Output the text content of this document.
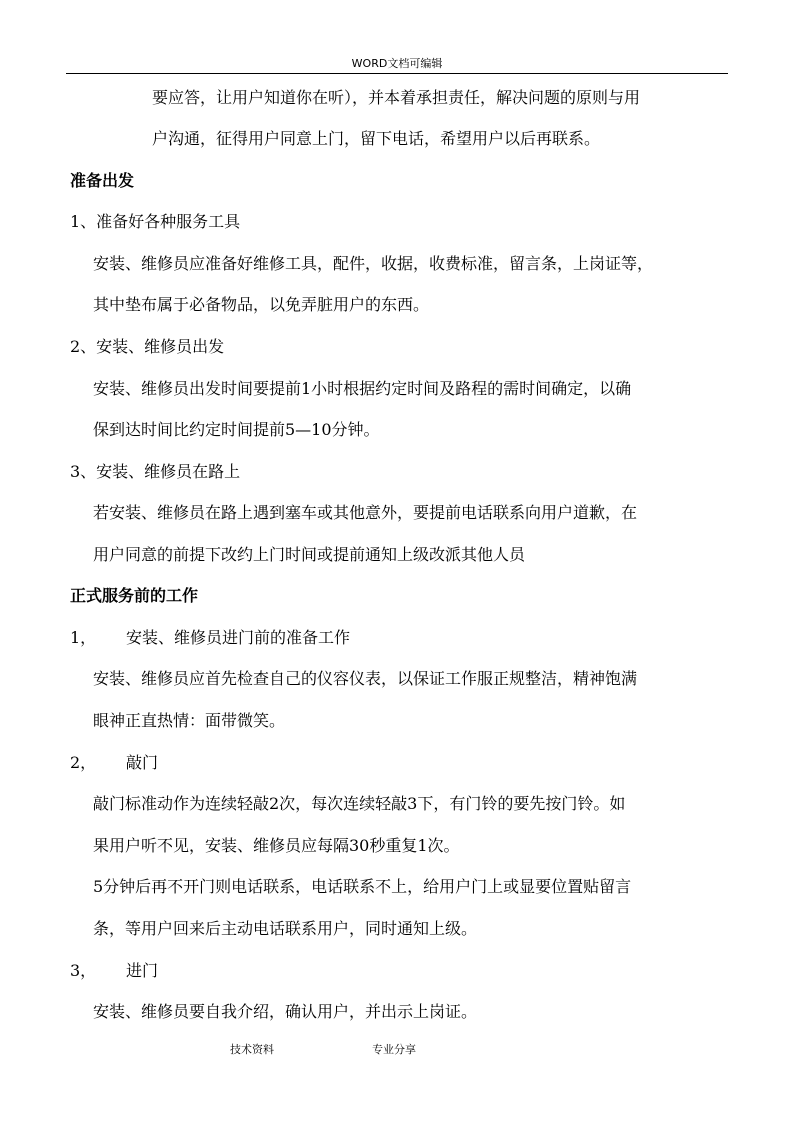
WORD文档可编辑
要应答，让用户知道你在听），并本着承担责任，解决问题的原则与用
户沟通，征得用户同意上门，留下电话，希望用户以后再联系。
准备出发
1、准备好各种服务工具
安装、维修员应准备好维修工具，配件，收据，收费标准，留言条，上岗证等，
其中垫布属于必备物品，以免弄脏用户的东西。
2、安装、维修员出发
安装、维修员出发时间要提前1小时根据约定时间及路程的需时间确定，以确
保到达时间比约定时间提前5—10分钟。
3、安装、维修员在路上
若安装、维修员在路上遇到塞车或其他意外，要提前电话联系向用户道歉，在
用户同意的前提下改约上门时间或提前通知上级改派其他人员
正式服务前的工作
1， 安装、维修员进门前的准备工作
安装、维修员应首先检查自己的仪容仪表，以保证工作服正规整洁，精神饱满
眼神正直热情：面带微笑。
2， 敲门
敲门标准动作为连续轻敲2次，每次连续轻敲3下，有门铃的要先按门铃。如
果用户听不见，安装、维修员应每隔30秒重复1次。
5分钟后再不开门则电话联系，电话联系不上，给用户门上或显要位置贴留言
条，等用户回来后主动电话联系用户，同时通知上级。
3， 进门
安装、维修员要自我介绍，确认用户，并出示上岗证。
技术资料	专业分享
